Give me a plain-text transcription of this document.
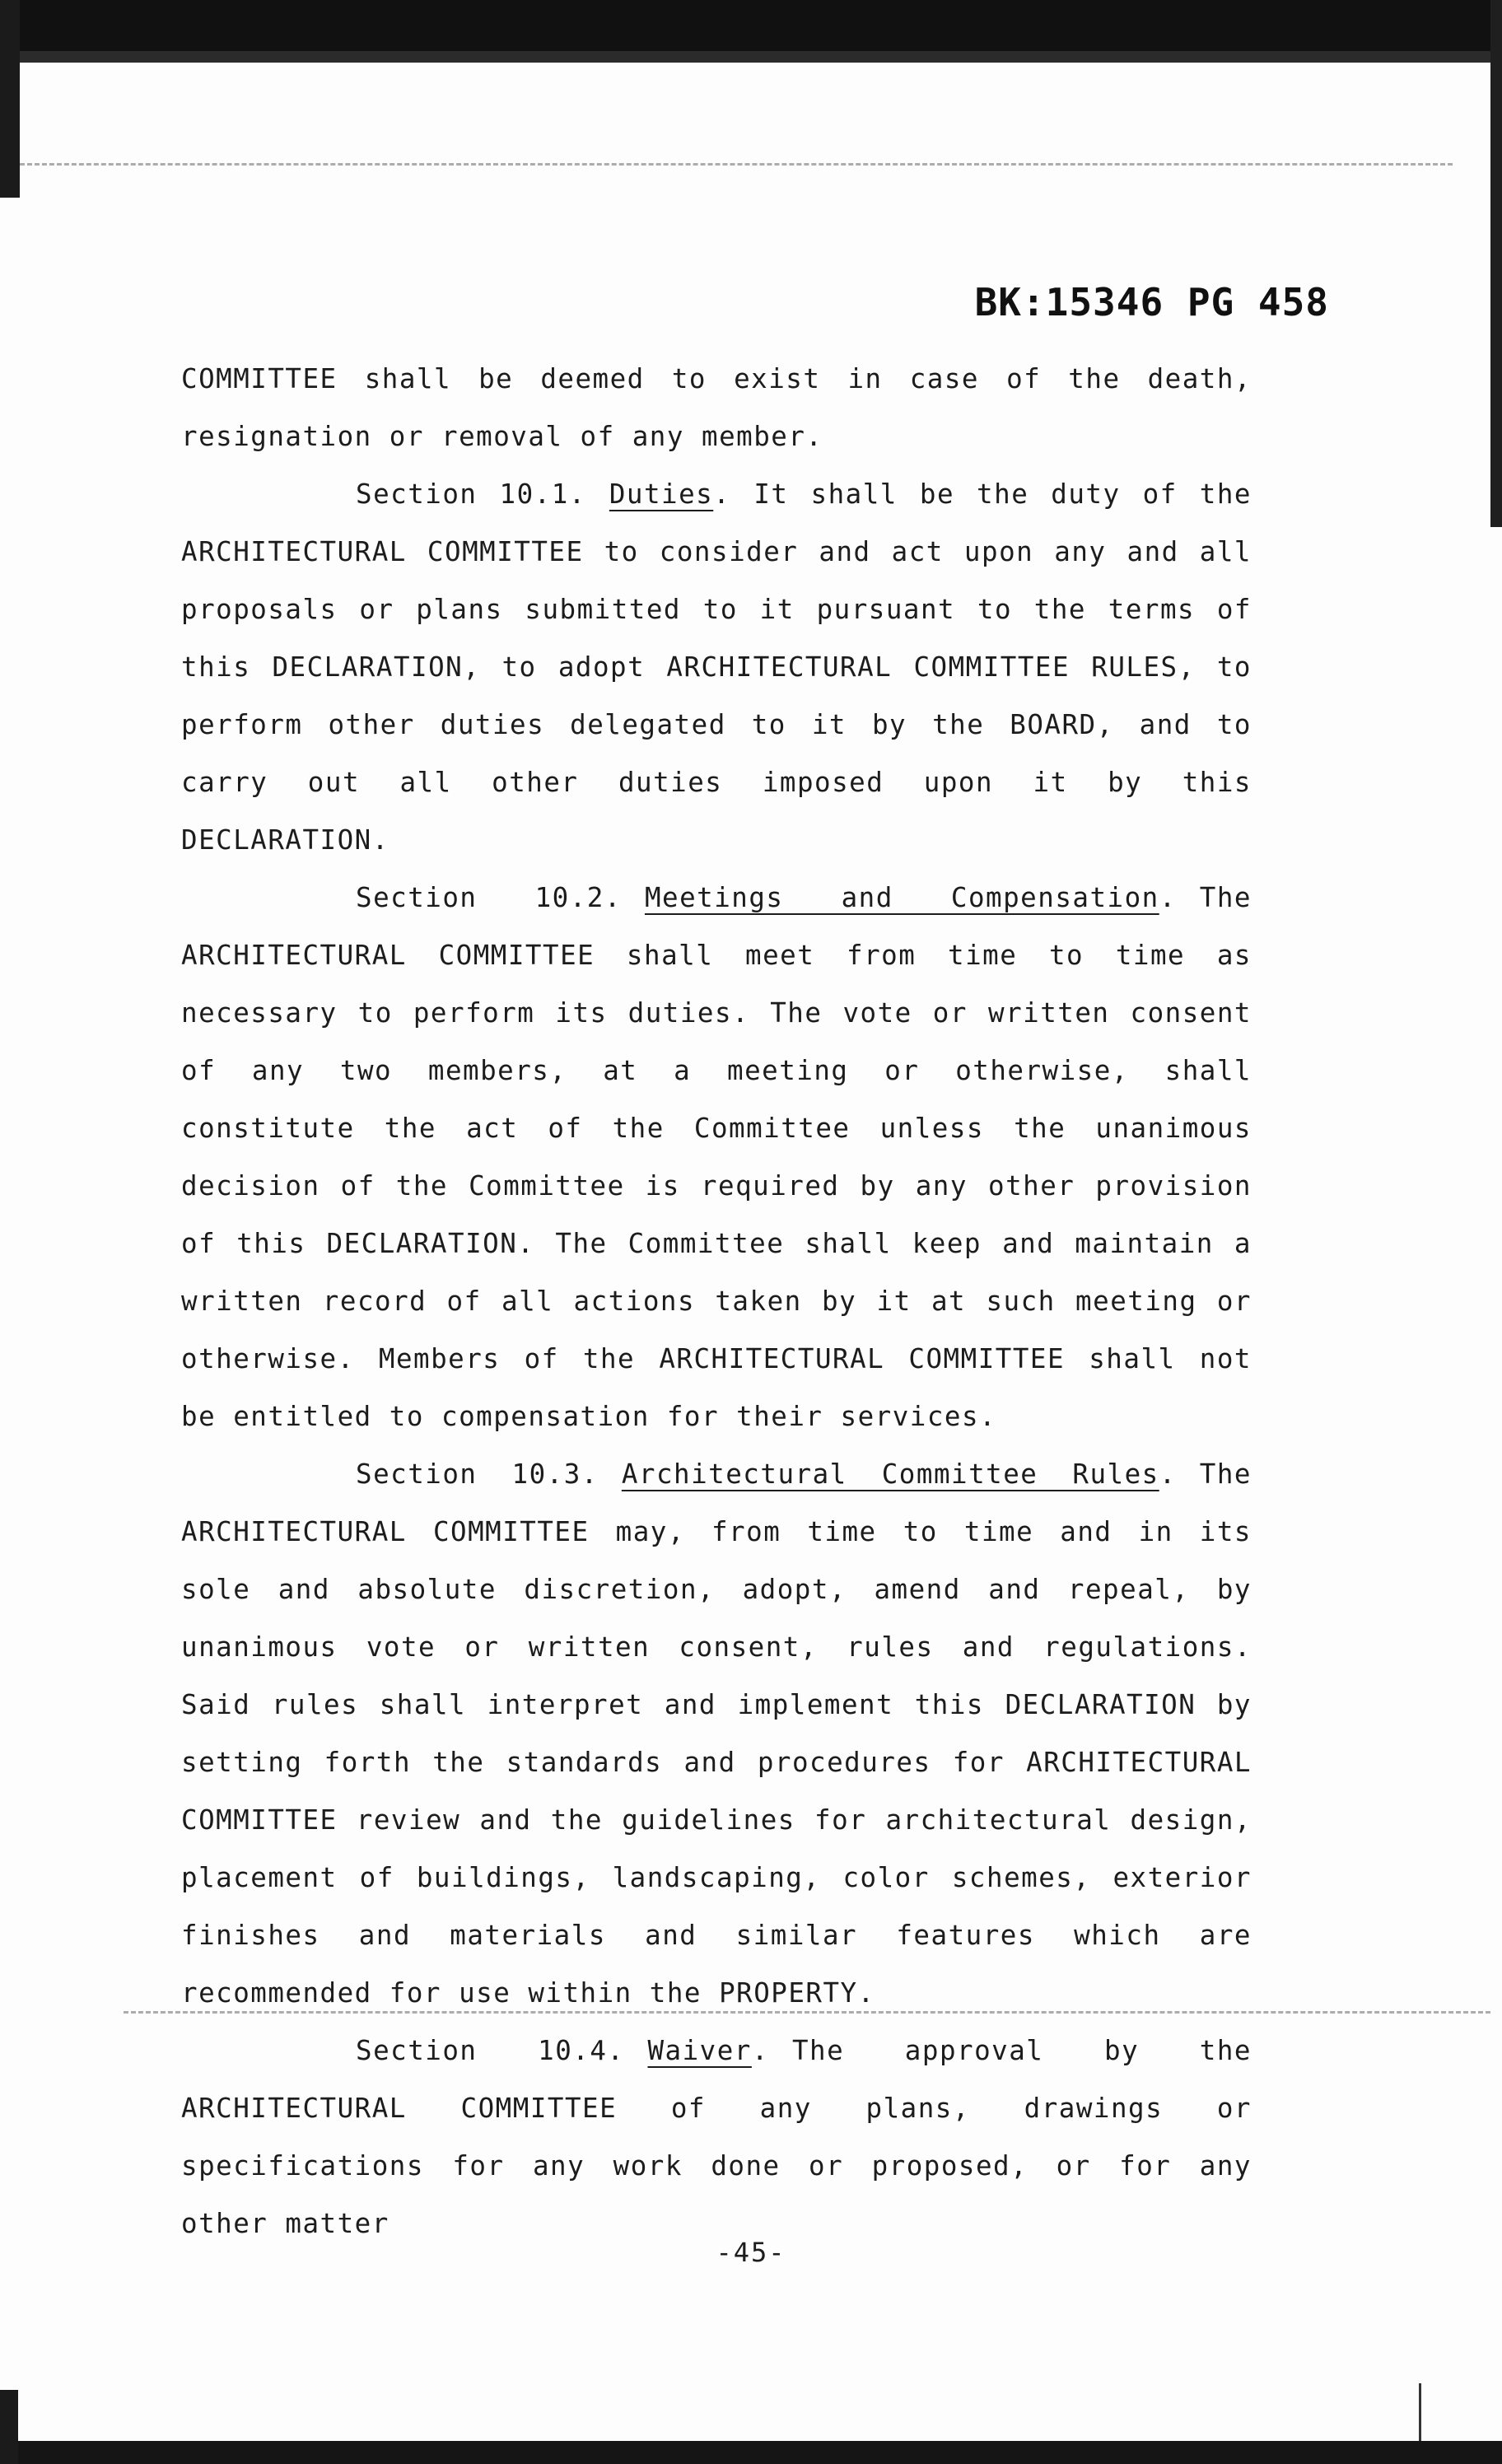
BK:15346 PG 458

COMMITTEE shall be deemed to exist in case of the death, resignation or removal of any member.

Section 10.1. Duties. It shall be the duty of the ARCHITECTURAL COMMITTEE to consider and act upon any and all proposals or plans submitted to it pursuant to the terms of this DECLARATION, to adopt ARCHITECTURAL COMMITTEE RULES, to perform other duties delegated to it by the BOARD, and to carry out all other duties imposed upon it by this DECLARATION.

Section 10.2. Meetings and Compensation. The ARCHITECTURAL COMMITTEE shall meet from time to time as necessary to perform its duties. The vote or written consent of any two members, at a meeting or otherwise, shall constitute the act of the Committee unless the unanimous decision of the Committee is required by any other provision of this DECLARATION. The Committee shall keep and maintain a written record of all actions taken by it at such meeting or otherwise. Members of the ARCHITECTURAL COMMITTEE shall not be entitled to compensation for their services.

Section 10.3. Architectural Committee Rules. The ARCHITECTURAL COMMITTEE may, from time to time and in its sole and absolute discretion, adopt, amend and repeal, by unanimous vote or written consent, rules and regulations. Said rules shall interpret and implement this DECLARATION by setting forth the standards and procedures for ARCHITECTURAL COMMITTEE review and the guidelines for architectural design, placement of buildings, landscaping, color schemes, exterior finishes and materials and similar features which are recommended for use within the PROPERTY.

Section 10.4. Waiver. The approval by the ARCHITECTURAL COMMITTEE of any plans, drawings or specifications for any work done or proposed, or for any other matter

-45-
